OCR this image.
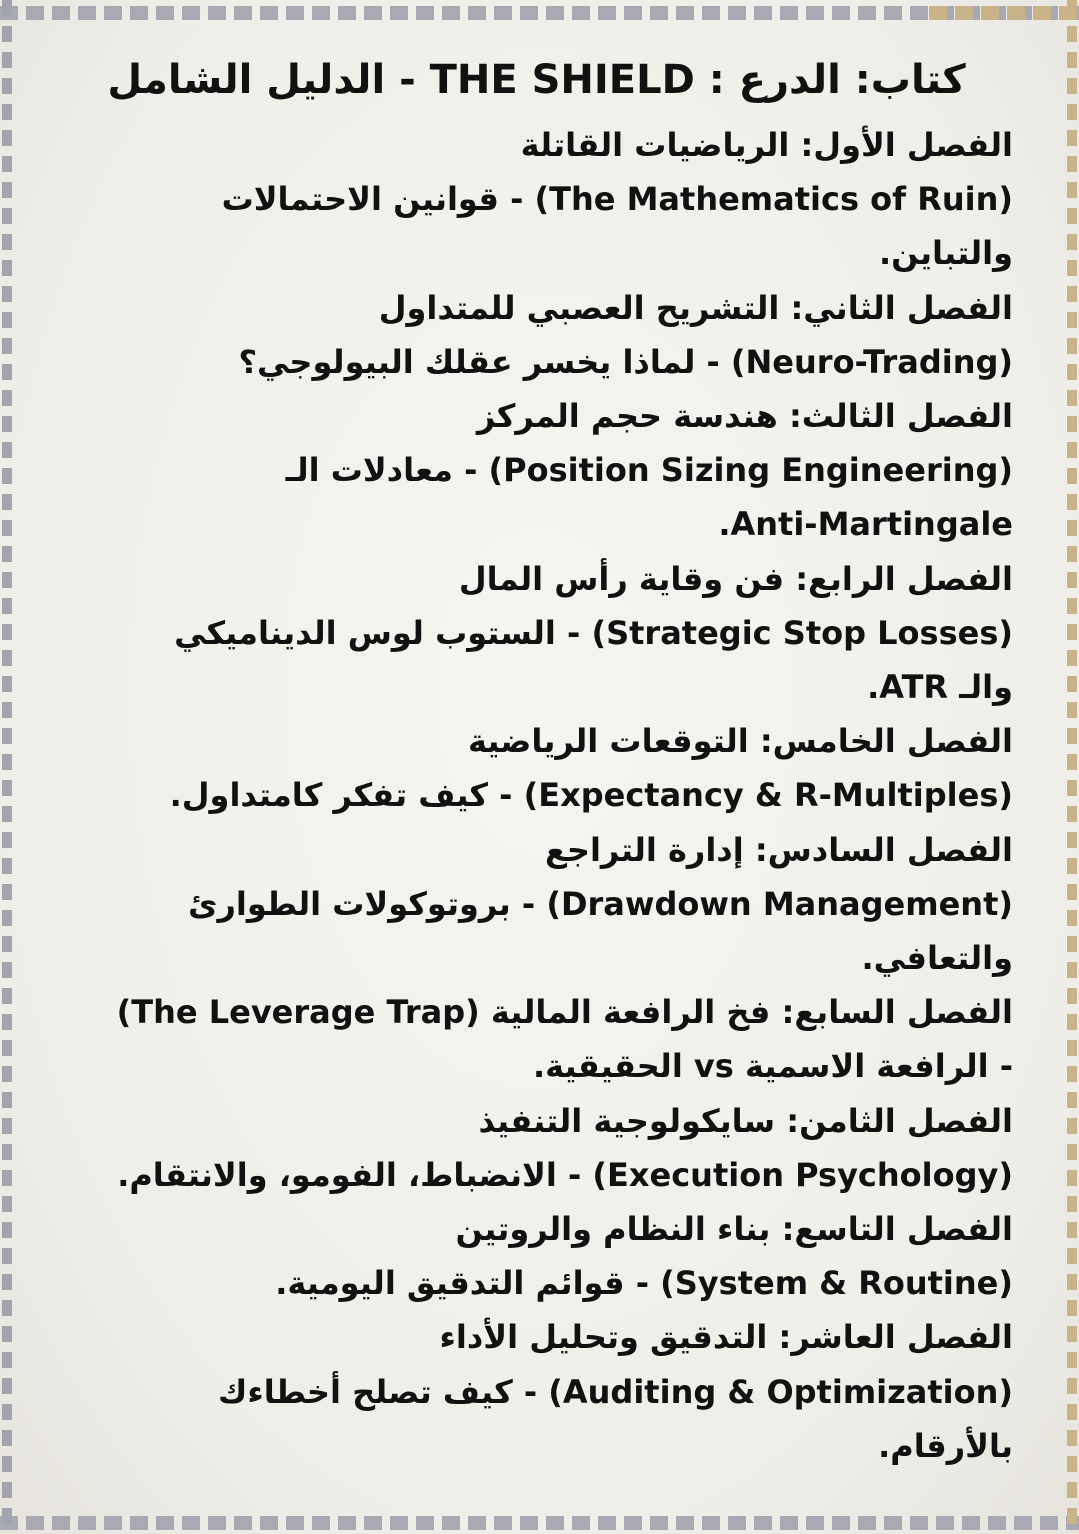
كتاب: الدرع : THE SHIELD - الدليل الشامل

الفصل الأول: الرياضيات القاتلة

(The Mathematics of Ruin) - قوانين الاحتمالات

والتباين.

الفصل الثاني: التشريح العصبي للمتداول

(Neuro-Trading) - لماذا يخسر عقلك البيولوجي؟

الفصل الثالث: هندسة حجم المركز

(Position Sizing Engineering) - معادلات الـ

Anti-Martingale.

الفصل الرابع: فن وقاية رأس المال

(Strategic Stop Losses) - الستوب لوس الديناميكي

والـ ATR.

الفصل الخامس: التوقعات الرياضية

(Expectancy & R-Multiples) - كيف تفكر كامتداول.

الفصل السادس: إدارة التراجع

(Drawdown Management) - بروتوكولات الطوارئ

والتعافي.

الفصل السابع: فخ الرافعة المالية (The Leverage Trap)

- الرافعة الاسمية vs الحقيقية.

الفصل الثامن: سايكولوجية التنفيذ

(Execution Psychology) - الانضباط، الفومو، والانتقام.

الفصل التاسع: بناء النظام والروتين

(System & Routine) - قوائم التدقيق اليومية.

الفصل العاشر: التدقيق وتحليل الأداء

(Auditing & Optimization) - كيف تصلح أخطاءك

بالأرقام.
